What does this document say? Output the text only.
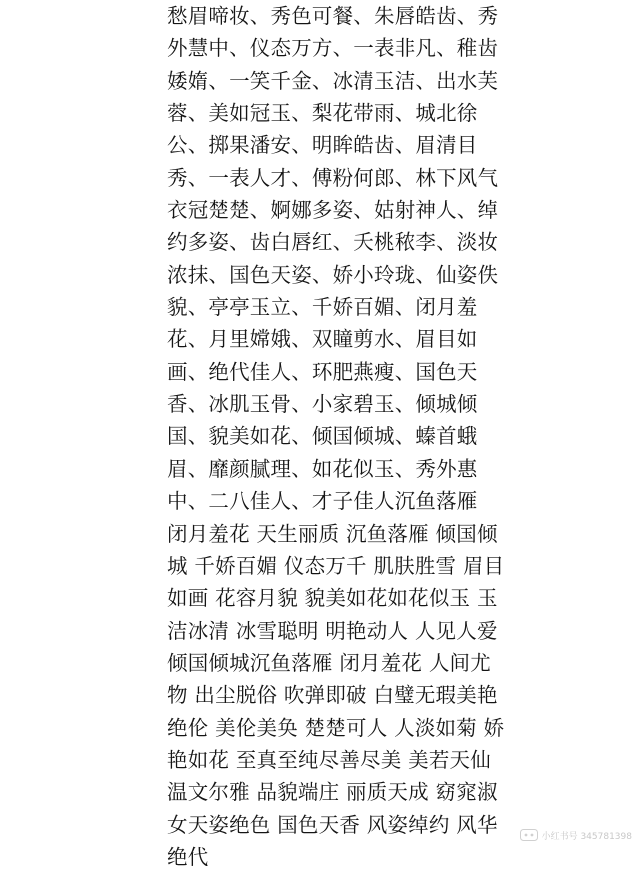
愁眉啼妆、秀色可餐、朱唇皓齿、秀
外慧中、仪态万方、一表非凡、稚齿
婑媠、一笑千金、冰清玉洁、出水芙
蓉、美如冠玉、梨花带雨、城北徐
公、掷果潘安、明眸皓齿、眉清目
秀、一表人才、傅粉何郎、林下风气
衣冠楚楚、婀娜多姿、姑射神人、绰
约多姿、齿白唇红、夭桃秾李、淡妆
浓抹、国色天姿、娇小玲珑、仙姿佚
貌、亭亭玉立、千娇百媚、闭月羞
花、月里嫦娥、双瞳剪水、眉目如
画、绝代佳人、环肥燕瘦、国色天
香、冰肌玉骨、小家碧玉、倾城倾
国、貌美如花、倾国倾城、螓首蛾
眉、靡颜腻理、如花似玉、秀外惠
中、二八佳人、才子佳人沉鱼落雁
闭月羞花 天生丽质 沉鱼落雁 倾国倾
城 千娇百媚 仪态万千 肌肤胜雪 眉目
如画 花容月貌 貌美如花如花似玉 玉
洁冰清 冰雪聪明 明艳动人 人见人爱
倾国倾城沉鱼落雁 闭月羞花 人间尤
物 出尘脱俗 吹弹即破 白璧无瑕美艳
绝伦 美伦美奂 楚楚可人 人淡如菊 娇
艳如花 至真至纯尽善尽美 美若天仙
温文尔雅 品貌端庄 丽质天成 窈窕淑
女天姿绝色 国色天香 风姿绰约 风华
绝代
小红书号 345781398
